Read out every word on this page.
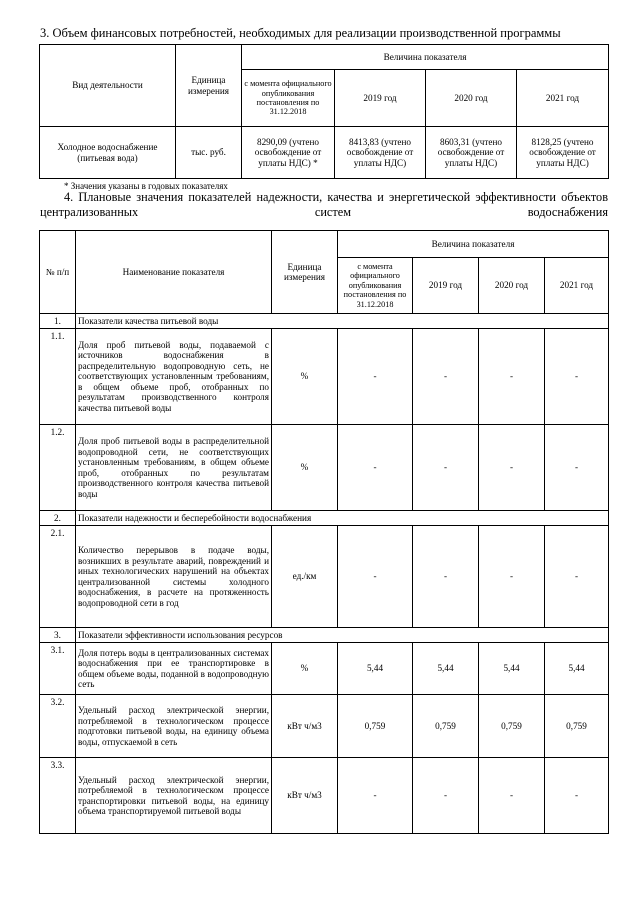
3. Объем финансовых потребностей, необходимых для реализации производственной программы
Вид деятельности	Единица измерения	Величина показателя			
		с момента официального опубликования постановления по 31.12.2018	2019 год	2020 год	2021 год
Холодное водоснабжение (питьевая вода)	тыс. руб.	8290,09 (учтено освобождение от уплаты НДС) *	8413,83 (учтено освобождение от уплаты НДС)	8603,31 (учтено освобождение от уплаты НДС)	8128,25 (учтено освобождение от уплаты НДС)
* Значения указаны в годовых показателях
4. Плановые значения показателей надежности, качества и энергетической эффективности объектов централизованных систем водоснабжения
№ п/п	Наименование показателя	Единица измерения	Величина показателя			
			с момента официального опубликования постановления по 31.12.2018	2019 год	2020 год	2021 год
1.	Показатели качества питьевой воды					
1.1.	Доля проб питьевой воды, подаваемой с источников водоснабжения в распределительную водопроводную сеть, не соответствующих установленным требованиям, в общем объеме проб, отобранных по результатам производственного контроля качества питьевой воды	%	-	-	-	-
1.2.	Доля проб питьевой воды в распределительной водопроводной сети, не соответствующих установленным требованиям, в общем объеме проб, отобранных по результатам производственного контроля качества питьевой воды	%	-	-	-	-
2.	Показатели надежности и бесперебойности водоснабжения					
2.1.	Количество перерывов в подаче воды, возникших в результате аварий, повреждений и иных технологических нарушений на объектах централизованной системы холодного водоснабжения, в расчете на протяженность водопроводной сети в год	ед./км	-	-	-	-
3.	Показатели эффективности использования ресурсов					
3.1.	Доля потерь воды в централизованных системах водоснабжения при ее транспортировке в общем объеме воды, поданной в водопроводную сеть	%	5,44	5,44	5,44	5,44
3.2.	Удельный расход электрической энергии, потребляемой в технологическом процессе подготовки питьевой воды, на единицу объема воды, отпускаемой в сеть	кВт ч/м3	0,759	0,759	0,759	0,759
3.3.	Удельный расход электрической энергии, потребляемой в технологическом процессе транспортировки питьевой воды, на единицу объема транспортируемой питьевой воды	кВт ч/м3	-	-	-	-
